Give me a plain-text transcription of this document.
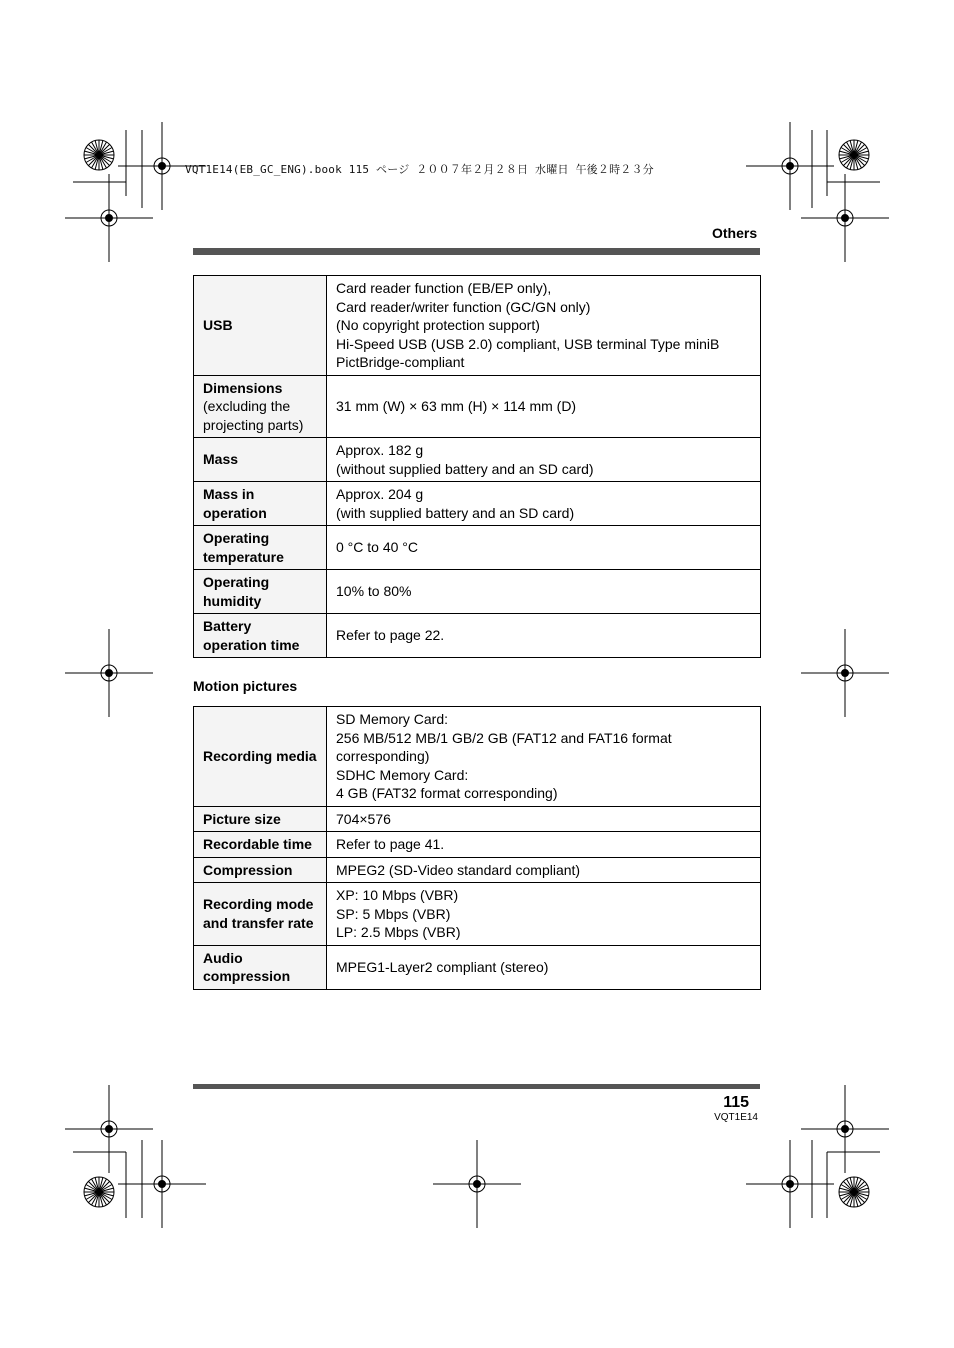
VQT1E14(EB_GC_ENG).book 115 ページ ２００７年２月２８日 水曜日 午後２時２３分
Others
USB	Card reader function (EB/EP only),
Card reader/writer function (GC/GN only)
(No copyright protection support)
Hi-Speed USB (USB 2.0) compliant, USB terminal Type miniB
PictBridge-compliant

Dimensions
(excluding the projecting parts)	31 mm (W) × 63 mm (H) × 114 mm (D)

Mass	Approx. 182 g
(without supplied battery and an SD card)

Mass in operation	Approx. 204 g
(with supplied battery and an SD card)

Operating temperature	0 °C to 40 °C

Operating humidity	10% to 80%

Battery operation time	Refer to page 22.
Motion pictures
Recording media	SD Memory Card:
256 MB/512 MB/1 GB/2 GB (FAT12 and FAT16 format corresponding)
SDHC Memory Card:
4 GB (FAT32 format corresponding)

Picture size	704×576

Recordable time	Refer to page 41.

Compression	MPEG2 (SD-Video standard compliant)

Recording mode and transfer rate	XP: 10 Mbps (VBR)
SP: 5 Mbps (VBR)
LP: 2.5 Mbps (VBR)

Audio compression	MPEG1-Layer2 compliant (stereo)
115
VQT1E14
